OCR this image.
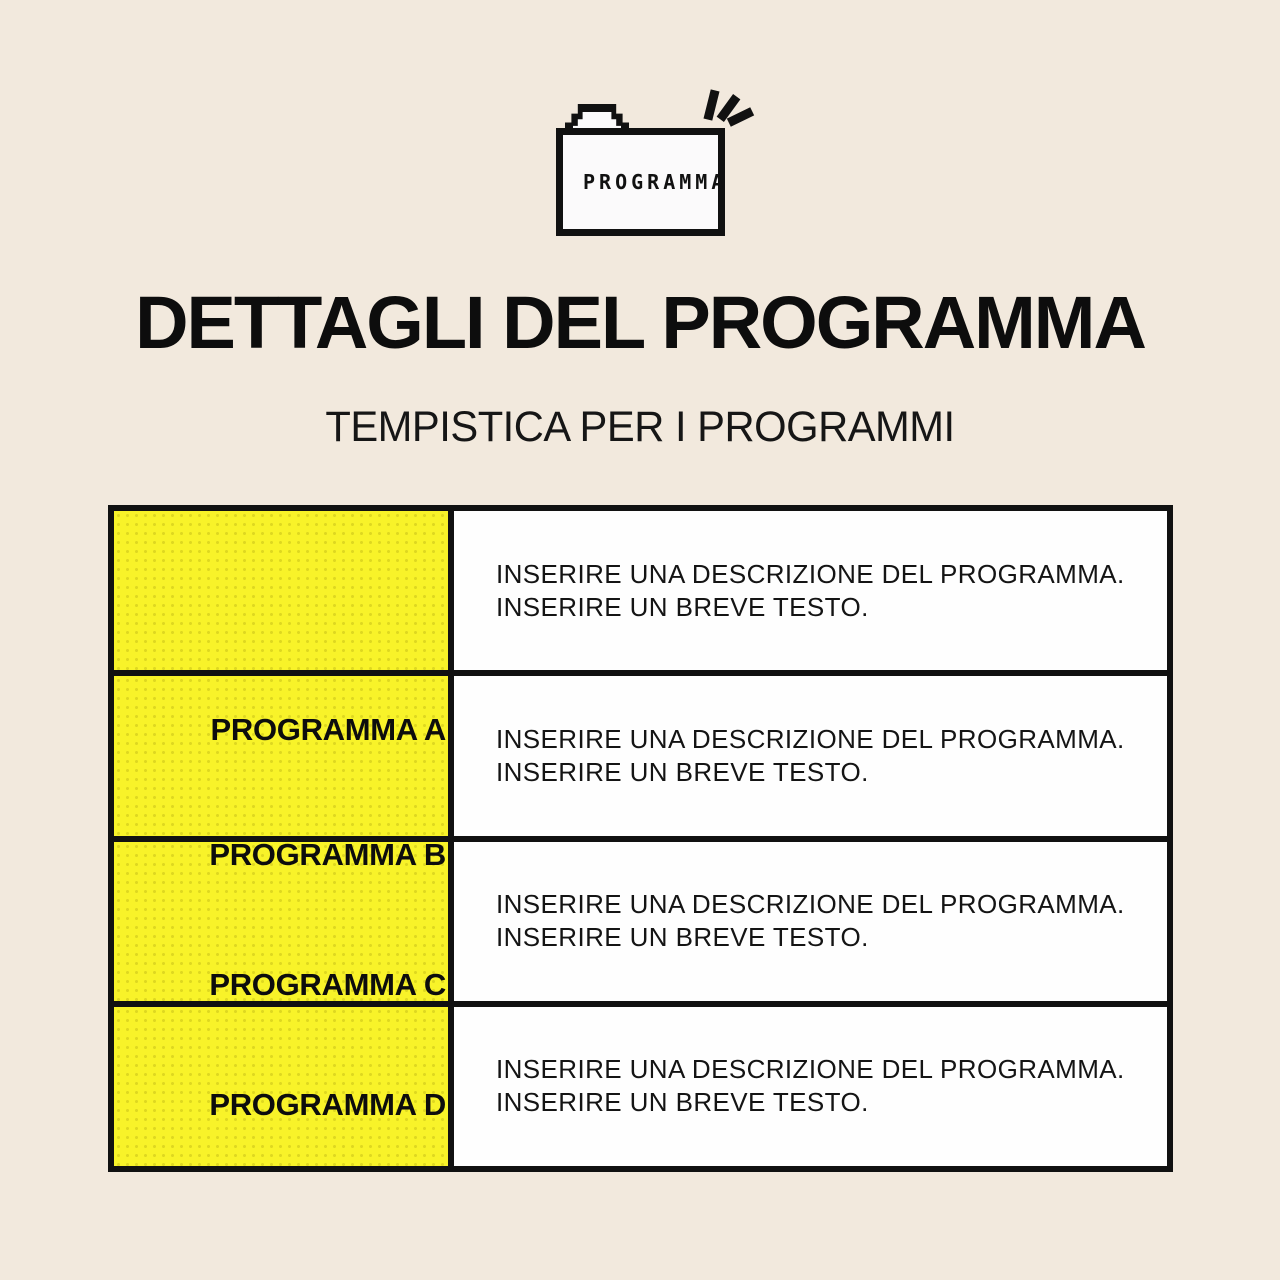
PROGRAMMA
DETTAGLI DEL PROGRAMMA
TEMPISTICA PER I PROGRAMMI
INSERIRE UNA DESCRIZIONE DEL PROGRAMMA.
INSERIRE UN BREVE TESTO.
INSERIRE UNA DESCRIZIONE DEL PROGRAMMA.
INSERIRE UN BREVE TESTO.
INSERIRE UNA DESCRIZIONE DEL PROGRAMMA.
INSERIRE UN BREVE TESTO.
INSERIRE UNA DESCRIZIONE DEL PROGRAMMA.
INSERIRE UN BREVE TESTO.
PROGRAMMA A
PROGRAMMA B
PROGRAMMA C
PROGRAMMA D
